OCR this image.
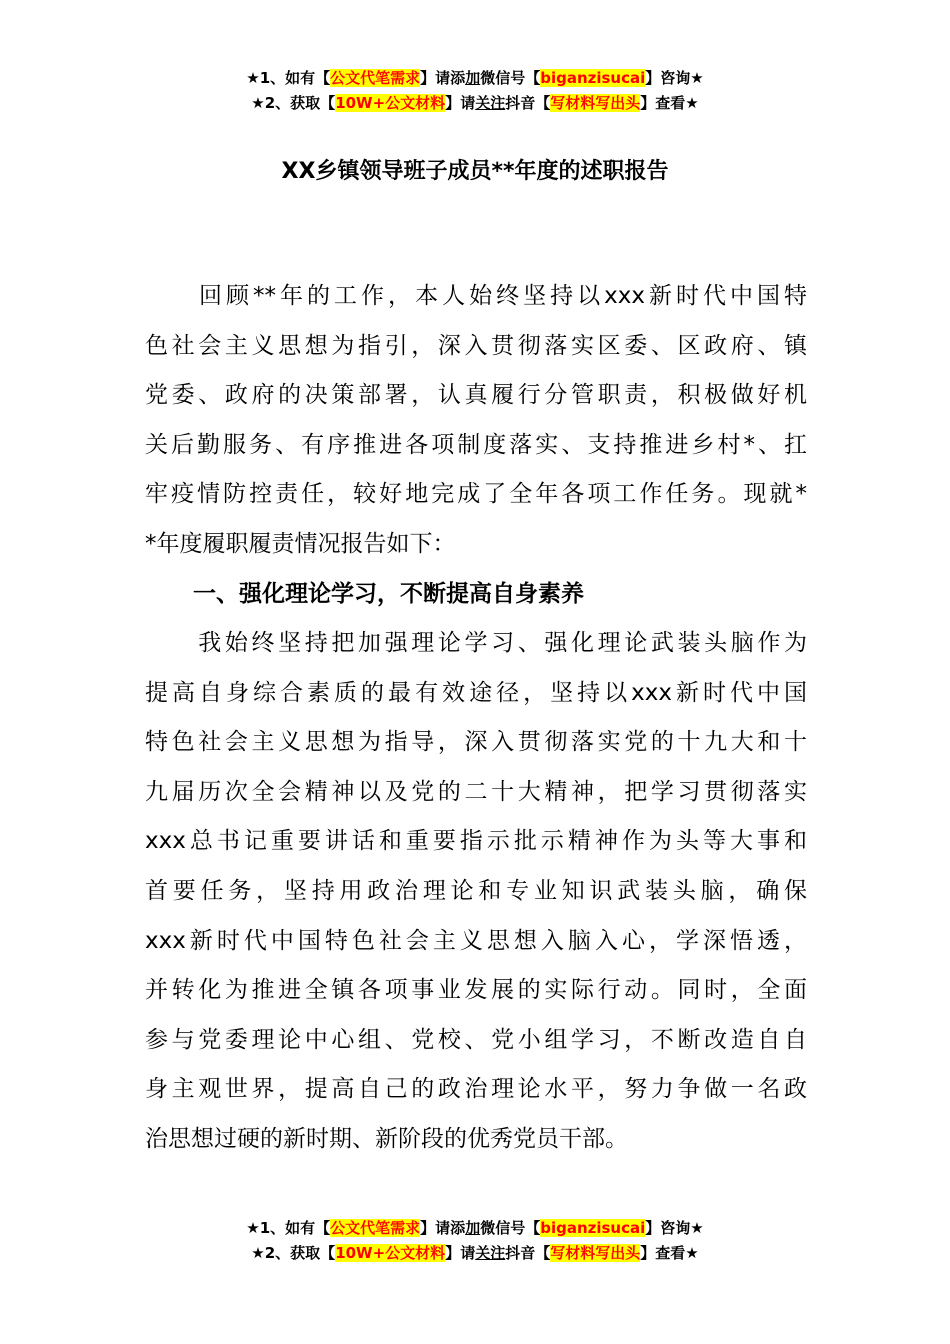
★1、如有【公文代笔需求】请添加微信号【biganzisucai】咨询★
★2、获取【10W+公文材料】请关注抖音【写材料写出头】查看★
XX乡镇领导班子成员**年度的述职报告
　　回顾**年的工作，本人始终坚持以xxx新时代中国特
色社会主义思想为指引，深入贯彻落实区委、区政府、镇
党委、政府的决策部署，认真履行分管职责，积极做好机
关后勤服务、有序推进各项制度落实、支持推进乡村*、扛
牢疫情防控责任，较好地完成了全年各项工作任务。现就*
*年度履职履责情况报告如下：
一、强化理论学习，不断提高自身素养
　　我始终坚持把加强理论学习、强化理论武装头脑作为
提高自身综合素质的最有效途径，坚持以xxx新时代中国
特色社会主义思想为指导，深入贯彻落实党的十九大和十
九届历次全会精神以及党的二十大精神，把学习贯彻落实
xxx总书记重要讲话和重要指示批示精神作为头等大事和
首要任务，坚持用政治理论和专业知识武装头脑，确保
xxx新时代中国特色社会主义思想入脑入心，学深悟透，
并转化为推进全镇各项事业发展的实际行动。同时，全面
参与党委理论中心组、党校、党小组学习，不断改造自自
身主观世界，提高自己的政治理论水平，努力争做一名政
治思想过硬的新时期、新阶段的优秀党员干部。
★1、如有【公文代笔需求】请添加微信号【biganzisucai】咨询★
★2、获取【10W+公文材料】请关注抖音【写材料写出头】查看★
